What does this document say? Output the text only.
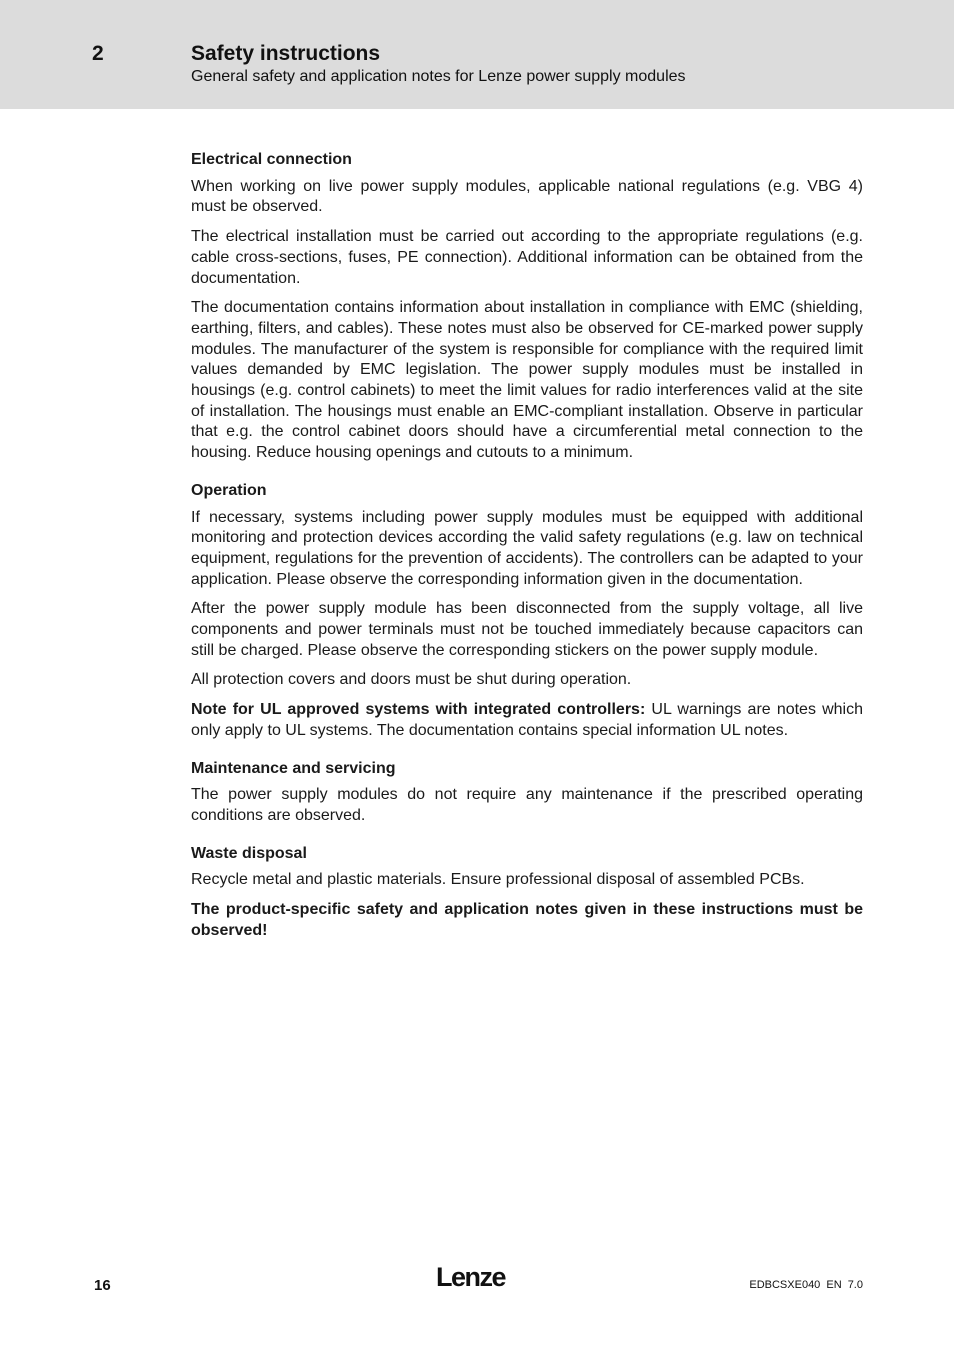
2	Safety instructions
General safety and application notes for Lenze power supply modules
Electrical connection

When working on live power supply modules, applicable national regulations (e.g. VBG 4) must be observed.

The electrical installation must be carried out according to the appropriate regulations (e.g. cable cross-sections, fuses, PE connection). Additional information can be obtained from the documentation.

The documentation contains information about installation in compliance with EMC (shielding, earthing, filters, and cables). These notes must also be observed for CE-marked power supply modules. The manufacturer of the system is responsible for compliance with the required limit values demanded by EMC legislation. The power supply modules must be installed in housings (e.g. control cabinets) to meet the limit values for radio interferences valid at the site of installation. The housings must enable an EMC-compliant installation. Observe in particular that e.g. the control cabinet doors should have a circumferential metal connection to the housing. Reduce housing openings and cutouts to a minimum.

Operation

If necessary, systems including power supply modules must be equipped with additional monitoring and protection devices according the valid safety regulations (e.g. law on technical equipment, regulations for the prevention of accidents). The controllers can be adapted to your application. Please observe the corresponding information given in the documentation.

After the power supply module has been disconnected from the supply voltage, all live components and power terminals must not be touched immediately because capacitors can still be charged. Please observe the corresponding stickers on the power supply module.

All protection covers and doors must be shut during operation.

Note for UL approved systems with integrated controllers: UL warnings are notes which only apply to UL systems. The documentation contains special information UL notes.

Maintenance and servicing

The power supply modules do not require any maintenance if the prescribed operating conditions are observed.

Waste disposal

Recycle metal and plastic materials. Ensure professional disposal of assembled PCBs.

The product-specific safety and application notes given in these instructions must be observed!

16	Lenze	EDBCSXE040 EN 7.0
